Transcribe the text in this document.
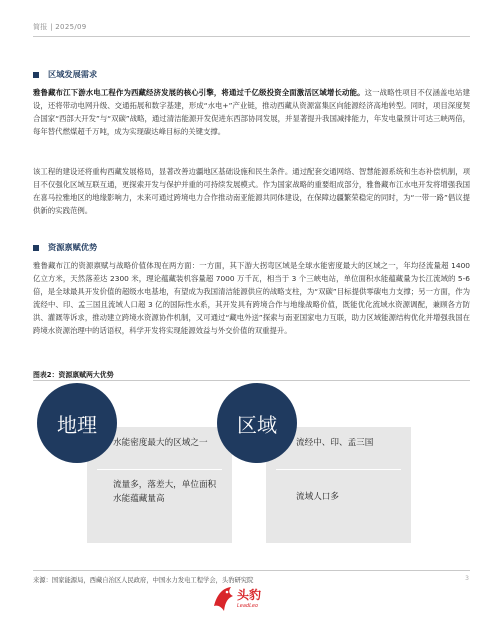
简报 | 2025/09
区域发展需求
雅鲁藏布江下游水电工程作为西藏经济发展的核心引擎，将通过千亿级投资全面激活区域增长动能。这一战略性项目不仅涵盖电站建设，还将带动电网升级、交通拓展和数字基建，形成“水电+”产业链，推动西藏从资源富集区向能源经济高地转型。同时，项目深度契合国家“西部大开发”与“双碳”战略，通过清洁能源开发促进东西部协同发展，并显著提升我国减排能力，年发电量预计可达三峡两倍，每年替代燃煤超千万吨，成为实现碳达峰目标的关键支撑。
该工程的建设还将重构西藏发展格局，显著改善边疆地区基础设施和民生条件。通过配套交通网络、智慧能源系统和生态补偿机制，项目不仅强化区域互联互通，更探索开发与保护并重的可持续发展模式。作为国家战略的重要组成部分，雅鲁藏布江水电开发将增强我国在喜马拉雅地区的地缘影响力，未来可通过跨境电力合作推动南亚能源共同体建设，在保障边疆繁荣稳定的同时，为“一带一路”倡议提供新的实践范例。
资源禀赋优势
雅鲁藏布江的资源禀赋与战略价值体现在两方面：一方面，其下游大拐弯区域是全球水能密度最大的区域之一，年均径流量超 1400 亿立方米，天然落差达 2300 米，理论蕴藏装机容量超 7000 万千瓦，相当于 3 个三峡电站，单位面积水能蕴藏量为长江流域的 5-6 倍，是全球最具开发价值的超级水电基地，有望成为我国清洁能源供应的战略支柱，为“双碳”目标提供零碳电力支撑；另一方面，作为流经中、印、孟三国且流域人口超 3 亿的国际性水系，其开发具有跨境合作与地缘战略价值，既能优化流域水资源调配，兼顾各方防洪、灌溉等诉求，推动建立跨境水资源协作机制，又可通过“藏电外送”探索与南亚国家电力互联，助力区域能源结构优化并增强我国在跨境水资源治理中的话语权，科学开发将实现能源效益与外交价值的双重提升。
图表2：资源禀赋两大优势
地理	区域
水能密度最大的区域之一
流量多，落差大，单位面积水能蕴藏量高
流经中、印、孟三国
流域人口多
来源：国家能源局，西藏自治区人民政府，中国水力发电工程学会，头豹研究院
头豹
LeadLeo
3
